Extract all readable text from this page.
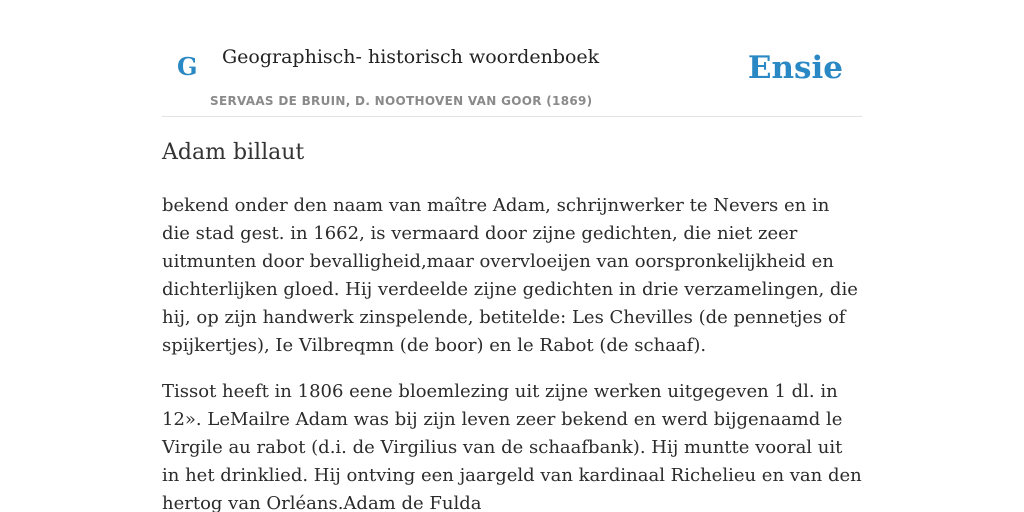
G Geographisch- historisch woordenboek
SERVAAS DE BRUIN, D. NOOTHOVEN VAN GOOR (1869)
Ensie
Adam billaut

bekend onder den naam van maître Adam, schrijnwerker te Nevers en in die stad gest. in 1662, is vermaard door zijne gedichten, die niet zeer uitmunten door bevalligheid,maar overvloeijen van oorspronkelijkheid en dichterlijken gloed. Hij verdeelde zijne gedichten in drie verzamelingen, die hij, op zijn handwerk zinspelende, betitelde: Les Chevilles (de pennetjes of spijkertjes), Ie Vilbreqmn (de boor) en le Rabot (de schaaf).

Tissot heeft in 1806 eene bloemlezing uit zijne werken uitgegeven 1 dl. in 12». LeMailre Adam was bij zijn leven zeer bekend en werd bijgenaamd le Virgile au rabot (d.i. de Virgilius van de schaafbank). Hij muntte vooral uit in het drinklied. Hij ontving een jaargeld van kardinaal Richelieu en van den hertog van Orléans.Adam de Fulda
